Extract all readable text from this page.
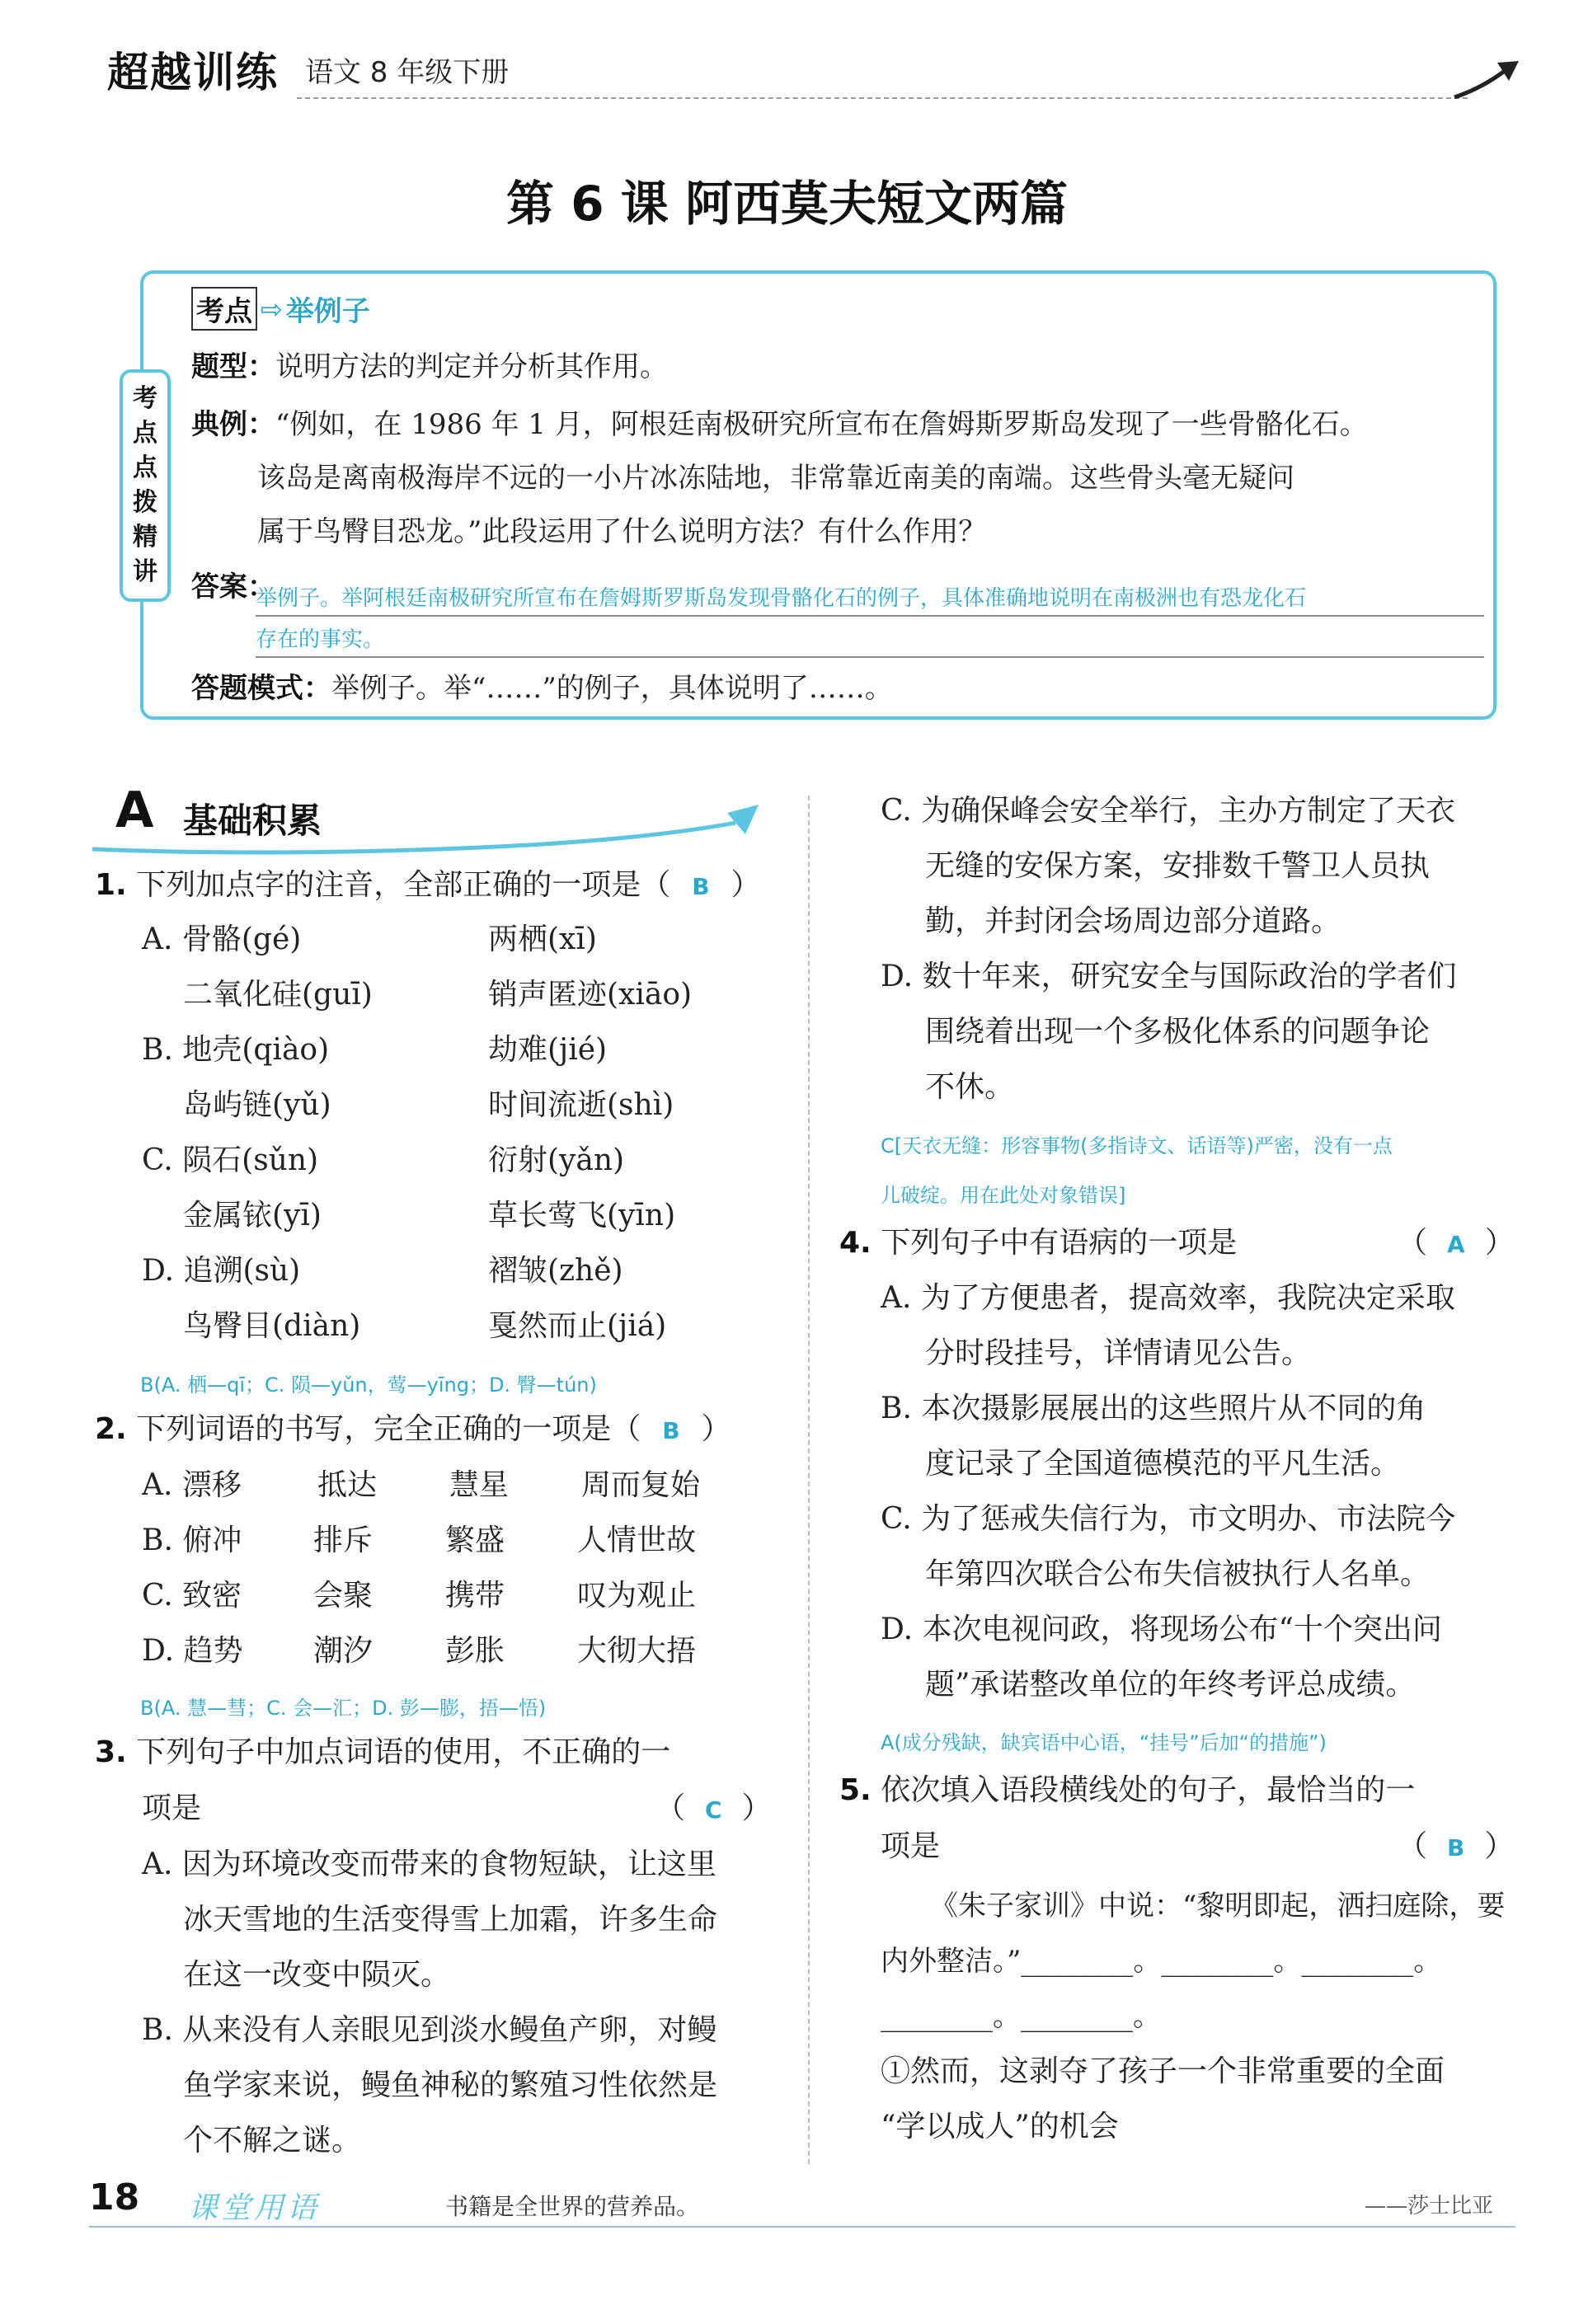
超越训练 语文 8 年级下册
第 6 课 阿西莫夫短文两篇
考
点
点
拨
精
讲
考点 ⇨ 举例子
题型：说明方法的判定并分析其作用。
典例：“例如，在 1986 年 1 月，阿根廷南极研究所宣布在詹姆斯罗斯岛发现了一些骨骼化石。
该岛是离南极海岸不远的一小片冰冻陆地，非常靠近南美的南端。这些骨头毫无疑问
属于鸟臀目恐龙。”此段运用了什么说明方法？有什么作用？
答案：
举例子。举阿根廷南极研究所宣布在詹姆斯罗斯岛发现骨骼化石的例子，具体准确地说明在南极洲也有恐龙化石
存在的事实。
答题模式：举例子。举“……”的例子，具体说明了……。
A 基础积累
1. 下列加点字的注音，全部正确的一项是（ B ）
A. 骨骼(gé)	两栖(xī)
二氧化硅(guī)	销声匿迹(xiāo)
B. 地壳(qiào)	劫难(jié)
岛屿链(yǔ)	时间流逝(shì)
C. 陨石(sǔn)	衍射(yǎn)
金属铱(yī)	草长莺飞(yīn)
D. 追溯(sù)	褶皱(zhě)
鸟臀目(diàn)	戛然而止(jiá)
B(A. 栖—qī；C. 陨—yǔn，莺—yīng；D. 臀—tún)
2. 下列词语的书写，完全正确的一项是（ B ）
A. 漂移	抵达 慧星 周而复始
B. 俯冲 排斥 繁盛 人情世故
C. 致密 会聚 携带 叹为观止
D. 趋势 潮汐 彭胀 大彻大捂
B(A. 慧—彗；C. 会—汇；D. 彭—膨，捂—悟)
3. 下列句子中加点词语的使用，不正确的一
项是	（ C ）
A. 因为环境改变而带来的食物短缺，让这里
冰天雪地的生活变得雪上加霜，许多生命
在这一改变中陨灭。
B. 从来没有人亲眼见到淡水鳗鱼产卵，对鳗
鱼学家来说，鳗鱼神秘的繁殖习性依然是
个不解之谜。
C. 为确保峰会安全举行，主办方制定了天衣
无缝的安保方案，安排数千警卫人员执
勤，并封闭会场周边部分道路。
D. 数十年来，研究安全与国际政治的学者们
围绕着出现一个多极化体系的问题争论
不休。
C[天衣无缝：形容事物(多指诗文、话语等)严密，没有一点
儿破绽。用在此处对象错误]
4. 下列句子中有语病的一项是	（ A ）
A. 为了方便患者，提高效率，我院决定采取
分时段挂号，详情请见公告。
B. 本次摄影展展出的这些照片从不同的角
度记录了全国道德模范的平凡生活。
C. 为了惩戒失信行为，市文明办、市法院今
年第四次联合公布失信被执行人名单。
D. 本次电视问政，将现场公布“十个突出问
题”承诺整改单位的年终考评总成绩。
A(成分残缺，缺宾语中心语，“挂号”后加“的措施”)
5. 依次填入语段横线处的句子，最恰当的一
项是	（ B ）
《朱子家训》中说：“黎明即起，洒扫庭除，要
内外整洁。”________。________。________。
________。________。
①然而，这剥夺了孩子一个非常重要的全面
“学以成人”的机会
18 课堂用语	书籍是全世界的营养品。	——莎士比亚
